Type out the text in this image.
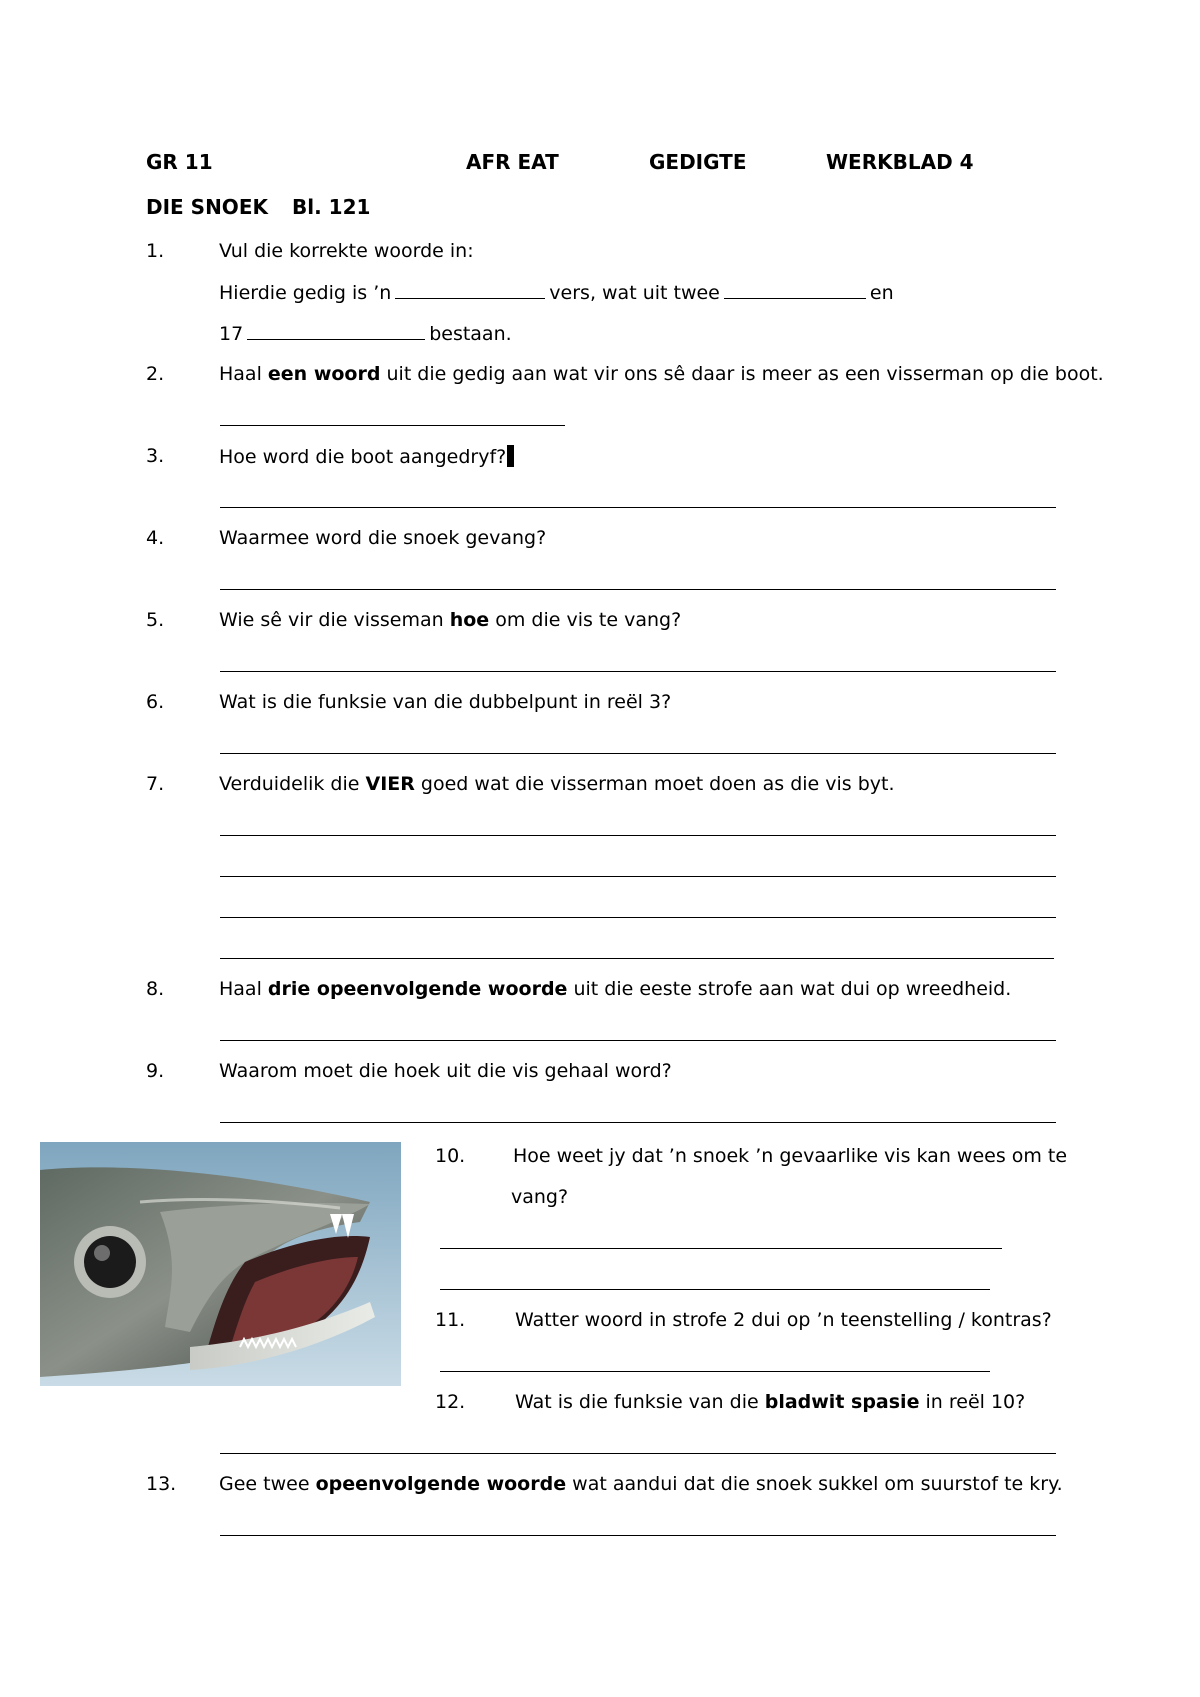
GR 11	AFR EAT	GEDIGTE	WERKBLAD 4
DIE SNOEK Bl. 121
1.	Vul die korrekte woorde in:
Hierdie gedig is ’n	vers, wat uit twee	en
17	bestaan.
2.	Haal een woord uit die gedig aan wat vir ons sê daar is meer as een visserman op die boot.
3.	Hoe word die boot aangedryf?
4.	Waarmee word die snoek gevang?
5.	Wie sê vir die visseman hoe om die vis te vang?
6.	Wat is die funksie van die dubbelpunt in reël 3?
7.	Verduidelik die VIER goed wat die visserman moet doen as die vis byt.
8.	Haal drie opeenvolgende woorde uit die eeste strofe aan wat dui op wreedheid.
9.	Waarom moet die hoek uit die vis gehaal word?
10.	Hoe weet jy dat ’n snoek ’n gevaarlike vis kan wees om te
vang?
11.	Watter woord in strofe 2 dui op ’n teenstelling / kontras?
12.	Wat is die funksie van die bladwit spasie in reël 10?
13. Gee twee opeenvolgende woorde wat aandui dat die snoek sukkel om suurstof te kry.
